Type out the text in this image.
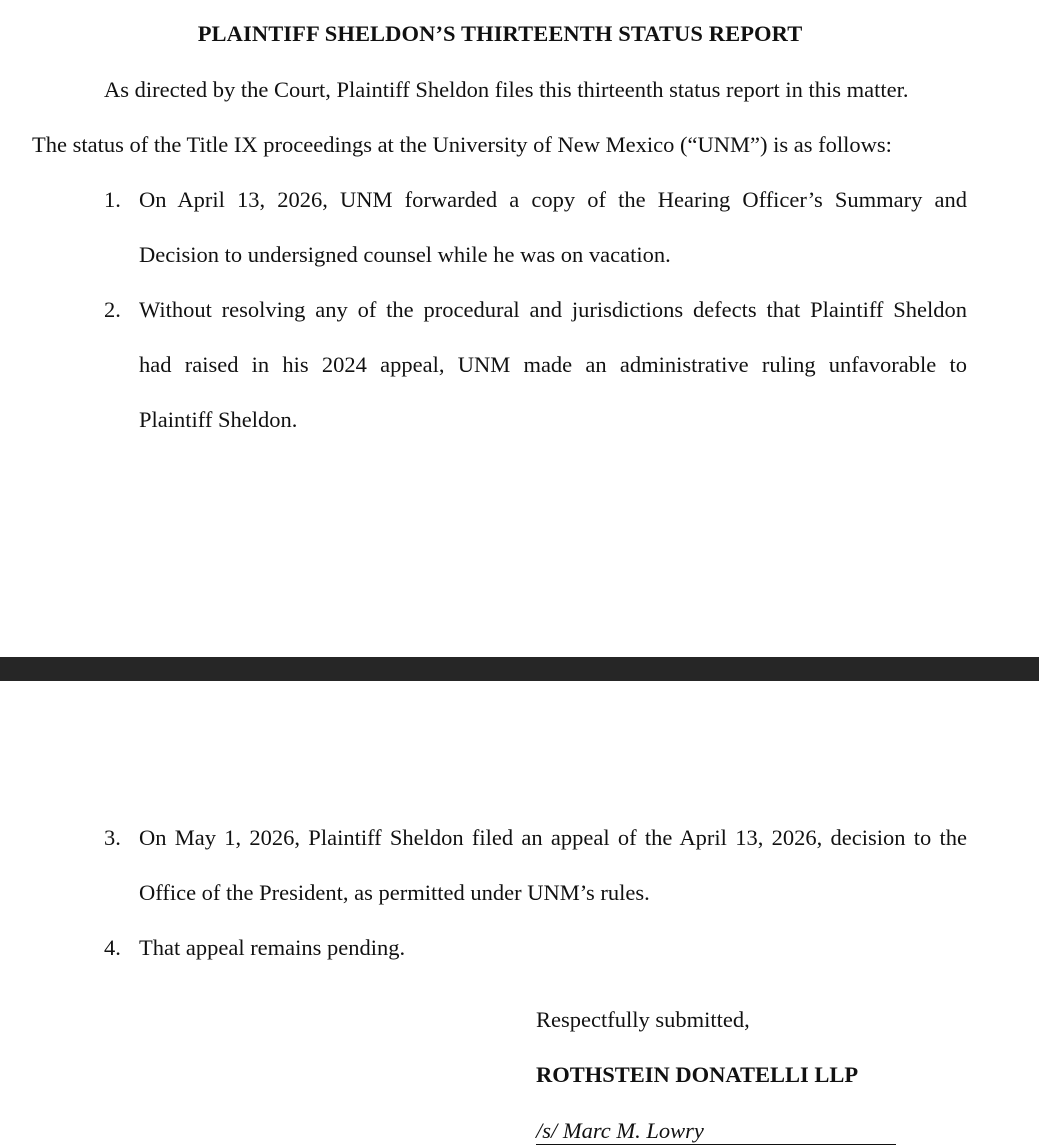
PLAINTIFF SHELDON’S THIRTEENTH STATUS REPORT
As directed by the Court, Plaintiff Sheldon files this thirteenth status report in this matter.
The status of the Title IX proceedings at the University of New Mexico (“UNM”) is as follows:
1. On April 13, 2026, UNM forwarded a copy of the Hearing Officer’s Summary and
Decision to undersigned counsel while he was on vacation.
2. Without resolving any of the procedural and jurisdictions defects that Plaintiff Sheldon
had raised in his 2024 appeal, UNM made an administrative ruling unfavorable to
Plaintiff Sheldon.
3. On May 1, 2026, Plaintiff Sheldon filed an appeal of the April 13, 2026, decision to the
Office of the President, as permitted under UNM’s rules.
4. That appeal remains pending.
Respectfully submitted,
ROTHSTEIN DONATELLI LLP
/s/ Marc M. Lowry
